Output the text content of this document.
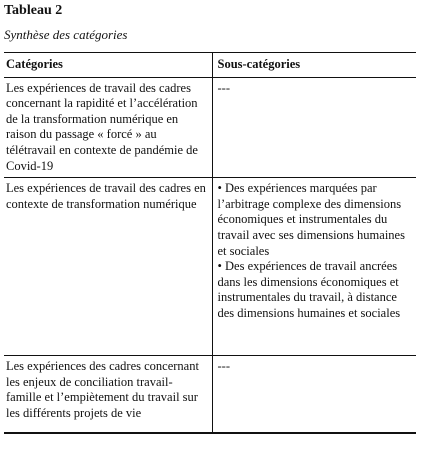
Tableau 2
Synthèse des catégories
Catégories	Sous-catégories
Les expériences de travail des cadres concernant la rapidité et l’accélération de la transformation numérique en raison du passage « forcé » au télétravail en contexte de pandémie de Covid-19	---
Les expériences de travail des cadres en contexte de transformation numérique	• Des expériences marquées par l’arbitrage complexe des dimensions économiques et instrumentales du travail avec ses dimensions humaines et sociales
• Des expériences de travail ancrées dans les dimensions économiques et instrumentales du travail, à distance des dimensions humaines et sociales

Les expériences des cadres concernant les enjeux de conciliation travail-famille et l’empiètement du travail sur les différents projets de vie	---
